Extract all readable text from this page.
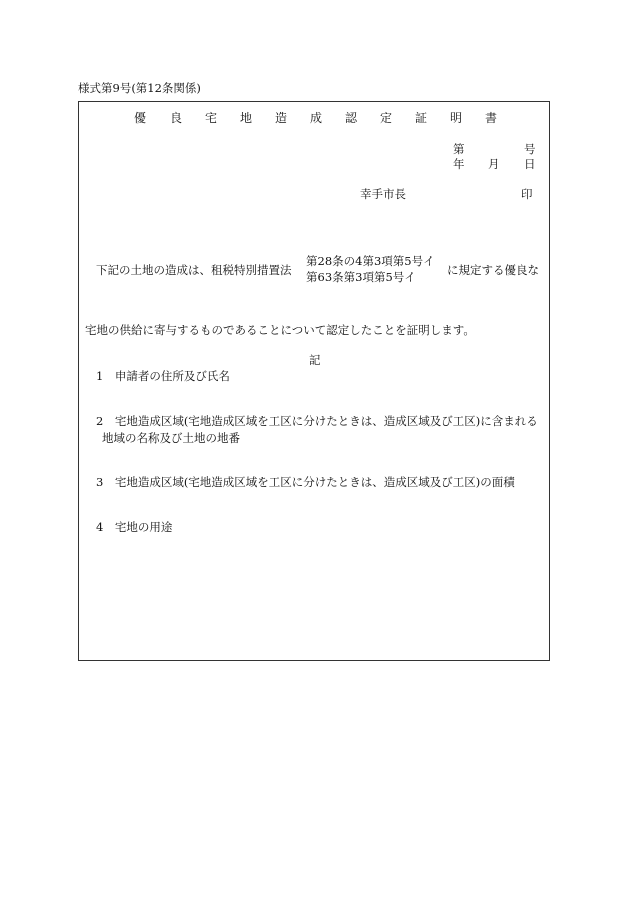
様式第9号(第12条関係)
優 良 宅 地 造 成 認 定 証 明 書
第	号
年 月 日
幸手市長	印
下記の土地の造成は、租税特別措置法
第28条の4第3項第5号イ
第63条第3項第5号イ	に規定する優良な
宅地の供給に寄与するものであることについて認定したことを証明します。
記
1　申請者の住所及び氏名
2　宅地造成区域(宅地造成区域を工区に分けたときは、造成区域及び工区)に含まれる
地域の名称及び土地の地番
3　宅地造成区域(宅地造成区域を工区に分けたときは、造成区域及び工区)の面積
4　宅地の用途
